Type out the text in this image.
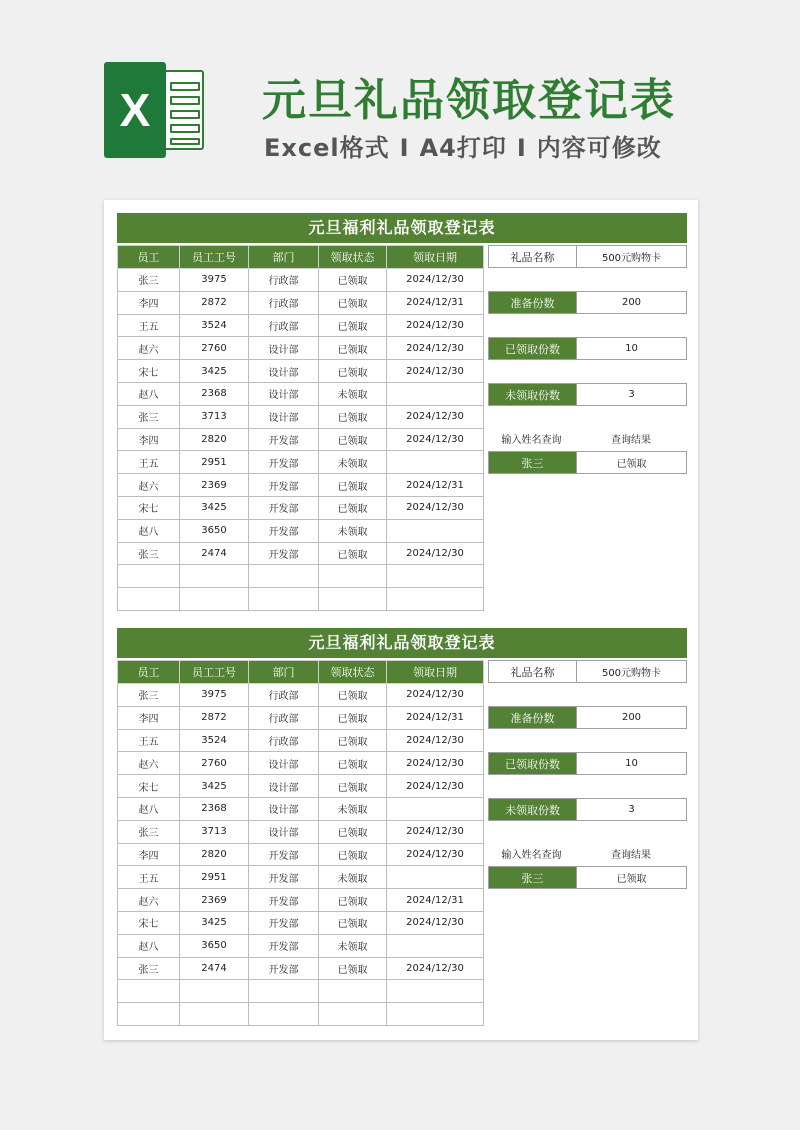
X	元旦礼品领取登记表
Excel格式 I A4打印 I 内容可修改
元旦福利礼品领取登记表
员工	员工工号	部门	领取状态	领取日期
张三	3975	行政部	已领取	2024/12/30
李四	2872	行政部	已领取	2024/12/31
王五	3524	行政部	已领取	2024/12/30
赵六	2760	设计部	已领取	2024/12/30
宋七	3425	设计部	已领取	2024/12/30
赵八	2368	设计部	未领取	
张三	3713	设计部	已领取	2024/12/30
李四	2820	开发部	已领取	2024/12/30
王五	2951	开发部	未领取	
赵六	2369	开发部	已领取	2024/12/31
宋七	3425	开发部	已领取	2024/12/30
赵八	3650	开发部	未领取	
张三	2474	开发部	已领取	2024/12/30

礼品名称	500元购物卡
准备份数	200
已领取份数	10
未领取份数	3
输入姓名查询	查询结果
张三	已领取
元旦福利礼品领取登记表
员工	员工工号	部门	领取状态	领取日期
张三	3975	行政部	已领取	2024/12/30
李四	2872	行政部	已领取	2024/12/31
王五	3524	行政部	已领取	2024/12/30
赵六	2760	设计部	已领取	2024/12/30
宋七	3425	设计部	已领取	2024/12/30
赵八	2368	设计部	未领取	
张三	3713	设计部	已领取	2024/12/30
李四	2820	开发部	已领取	2024/12/30
王五	2951	开发部	未领取	
赵六	2369	开发部	已领取	2024/12/31
宋七	3425	开发部	已领取	2024/12/30
赵八	3650	开发部	未领取	
张三	2474	开发部	已领取	2024/12/30

礼品名称	500元购物卡
准备份数	200
已领取份数	10
未领取份数	3
输入姓名查询	查询结果
张三	已领取
